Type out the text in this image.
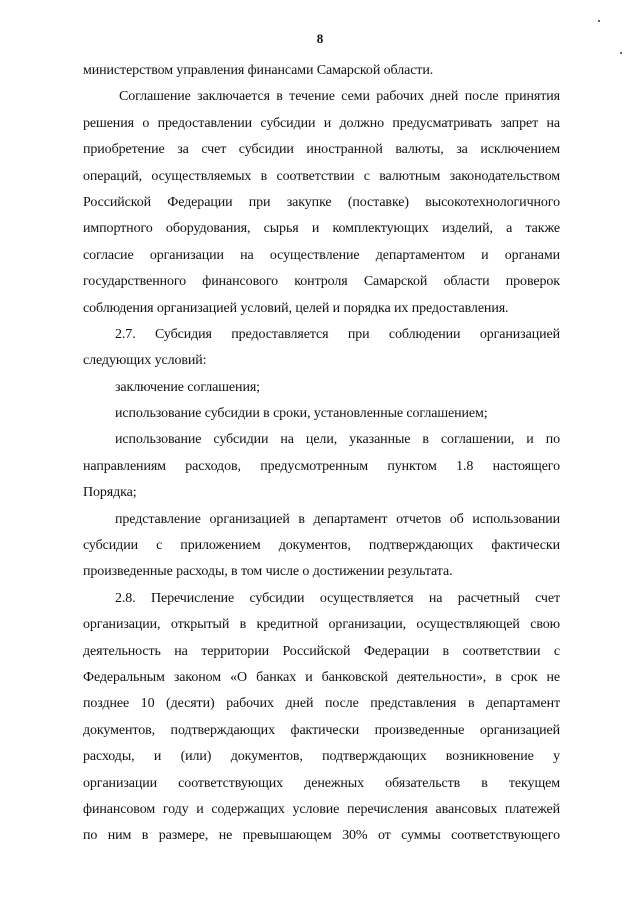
8
министерством управления финансами Самарской области.
Соглашение заключается в течение семи рабочих дней после принятия
решения о предоставлении субсидии и должно предусматривать запрет на
приобретение за счет субсидии иностранной валюты, за исключением
операций, осуществляемых в соответствии с валютным законодательством
Российской Федерации при закупке (поставке) высокотехнологичного
импортного оборудования, сырья и комплектующих изделий, а также
согласие организации на осуществление департаментом и органами
государственного финансового контроля Самарской области проверок
соблюдения организацией условий, целей и порядка их предоставления.
2.7. Субсидия предоставляется при соблюдении организацией
следующих условий:
заключение соглашения;
использование субсидии в сроки, установленные соглашением;
использование субсидии на цели, указанные в соглашении, и по
направлениям расходов, предусмотренным пунктом 1.8 настоящего
Порядка;
представление организацией в департамент отчетов об использовании
субсидии с приложением документов, подтверждающих фактически
произведенные расходы, в том числе о достижении результата.
2.8. Перечисление субсидии осуществляется на расчетный счет
организации, открытый в кредитной организации, осуществляющей свою
деятельность на территории Российской Федерации в соответствии с
Федеральным законом «О банках и банковской деятельности», в срок не
позднее 10 (десяти) рабочих дней после представления в департамент
документов, подтверждающих фактически произведенные организацией
расходы, и (или) документов, подтверждающих возникновение у
организации соответствующих денежных обязательств в текущем
финансовом году и содержащих условие перечисления авансовых платежей
по ним в размере, не превышающем 30% от суммы соответствующего
